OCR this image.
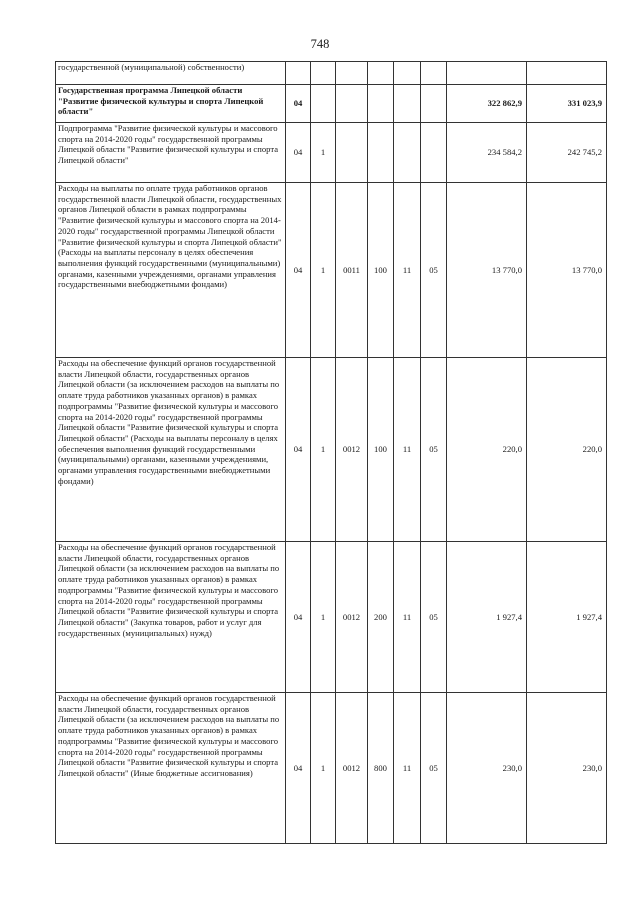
748
государственной (муниципальной) собственности)								
Государственная программа Липецкой области "Развитие физической культуры и спорта Липецкой области"	04						322 862,9	331 023,9
Подпрограмма "Развитие физической культуры и массового спорта на 2014-2020 годы" государственной программы Липецкой области "Развитие физической культуры и спорта Липецкой области"	04	1					234 584,2	242 745,2
Расходы на выплаты по оплате труда работников органов государственной власти Липецкой области, государственных органов Липецкой области в рамках подпрограммы "Развитие физической культуры и массового спорта на 2014-2020 годы" государственной программы Липецкой области "Развитие физической культуры и спорта Липецкой области" (Расходы на выплаты персоналу в целях обеспечения выполнения функций государственными (муниципальными) органами, казенными учреждениями, органами управления государственными внебюджетными фондами)	04	1	0011	100	11	05	13 770,0	13 770,0
Расходы на обеспечение функций органов государственной власти Липецкой области, государственных органов Липецкой области (за исключением расходов на выплаты по оплате труда работников указанных органов) в рамках подпрограммы "Развитие физической культуры и массового спорта на 2014-2020 годы" государственной программы Липецкой области "Развитие физической культуры и спорта Липецкой области" (Расходы на выплаты персоналу в целях обеспечения выполнения функций государственными (муниципальными) органами, казенными учреждениями, органами управления государственными внебюджетными фондами)	04	1	0012	100	11	05	220,0	220,0
Расходы на обеспечение функций органов государственной власти Липецкой области, государственных органов Липецкой области (за исключением расходов на выплаты по оплате труда работников указанных органов) в рамках подпрограммы "Развитие физической культуры и массового спорта на 2014-2020 годы" государственной программы Липецкой области "Развитие физической культуры и спорта Липецкой области" (Закупка товаров, работ и услуг для государственных (муниципальных) нужд)	04	1	0012	200	11	05	1 927,4	1 927,4
Расходы на обеспечение функций органов государственной власти Липецкой области, государственных органов Липецкой области (за исключением расходов на выплаты по оплате труда работников указанных органов) в рамках подпрограммы "Развитие физической культуры и массового спорта на 2014-2020 годы" государственной программы Липецкой области "Развитие физической культуры и спорта Липецкой области" (Иные бюджетные ассигнования)	04	1	0012	800	11	05	230,0	230,0
